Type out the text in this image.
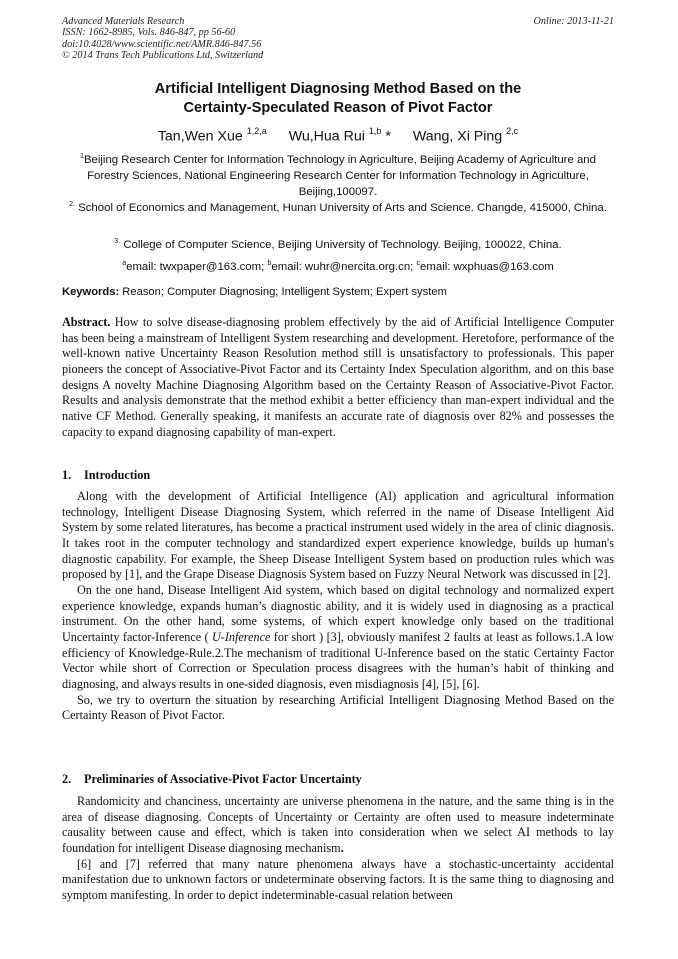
Advanced Materials Research
ISSN: 1662-8985, Vols. 846-847, pp 56-60
doi:10.4028/www.scientific.net/AMR.846-847.56
© 2014 Trans Tech Publications Ltd, Switzerland
Online: 2013-11-21
Artificial Intelligent Diagnosing Method Based on the
Certainty-Speculated Reason of Pivot Factor
Tan,Wen Xue $^{1,2,a}$ Wu,Hua Rui $^{1,b}$ * Wang, Xi Ping $^{2,c}$
$^1$Beijing Research Center for Information Technology in Agriculture, Beijing Academy of Agriculture and Forestry Sciences, National Engineering Research Center for Information Technology in Agriculture, Beijing,100097.
$^{2.}$ School of Economics and Management, Hunan University of Arts and Science. Changde, 415000, China.
$^{3.}$ College of Computer Science, Beijing University of Technology. Beijing, 100022, China.
$^a$email: twxpaper@163.com; $^b$email: wuhr@nercita.org.cn; $^c$email: wxphuas@163.com
Keywords: Reason; Computer Diagnosing; Intelligent System; Expert system

Abstract. How to solve disease-diagnosing problem effectively by the aid of Artificial Intelligence Computer has been being a mainstream of Intelligent System researching and development. Heretofore, performance of the well-known native Uncertainty Reason Resolution method still is unsatisfactory to professionals. This paper pioneers the concept of Associative-Pivot Factor and its Certainty Index Speculation algorithm, and on this base designs A novelty Machine Diagnosing Algorithm based on the Certainty Reason of Associative-Pivot Factor. Results and analysis demonstrate that the method exhibit a better efficiency than man-expert individual and the native CF Method. Generally speaking, it manifests an accurate rate of diagnosis over 82% and possesses the capacity to expand diagnosing capability of man-expert.

1. Introduction

Along with the development of Artificial Intelligence (AI) application and agricultural information technology, Intelligent Disease Diagnosing System, which referred in the name of Disease Intelligent Aid System by some related literatures, has become a practical instrument used widely in the area of clinic diagnosis. It takes root in the computer technology and standardized expert experience knowledge, builds up human's diagnostic capability. For example, the Sheep Disease Intelligent System based on production rules which was proposed by [1], and the Grape Disease Diagnosis System based on Fuzzy Neural Network was discussed in [2].

On the one hand, Disease Intelligent Aid system, which based on digital technology and normalized expert experience knowledge, expands human’s diagnostic ability, and it is widely used in diagnosing as a practical instrument. On the other hand, some systems, of which expert knowledge only based on the traditional Uncertainty factor-Inference ( U-Inference for short ) [3], obviously manifest 2 faults at least as follows.1.A low efficiency of Knowledge-Rule.2.The mechanism of traditional U-Inference based on the static Certainty Factor Vector while short of Correction or Speculation process disagrees with the human’s habit of thinking and diagnosing, and always results in one-sided diagnosis, even misdiagnosis [4], [5], [6].

So, we try to overturn the situation by researching Artificial Intelligent Diagnosing Method Based on the Certainty Reason of Pivot Factor.

2. Preliminaries of Associative-Pivot Factor Uncertainty

Randomicity and chanciness, uncertainty are universe phenomena in the nature, and the same thing is in the area of disease diagnosing. Concepts of Uncertainty or Certainty are often used to measure indeterminate causality between cause and effect, which is taken into consideration when we select AI methods to lay foundation for intelligent Disease diagnosing mechanism.

[6] and [7] referred that many nature phenomena always have a stochastic-uncertainty accidental manifestation due to unknown factors or undeterminate observing factors. It is the same thing to diagnosing and symptom manifesting. In order to depict indeterminable-casual relation between
